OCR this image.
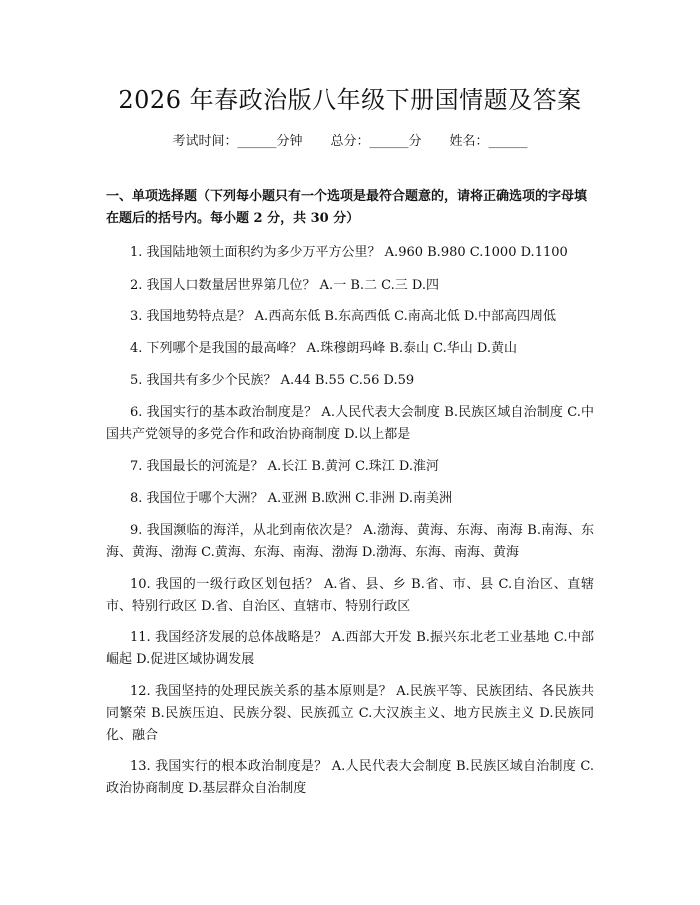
2026 年春政治版八年级下册国情题及答案
考试时间：______分钟 总分：______分 姓名：______
一、单项选择题（下列每小题只有一个选项是最符合题意的，请将正确选项的字母填在题后的括号内。每小题 2 分，共 30 分）
1. 我国陆地领土面积约为多少万平方公里？ A.960 B.980 C.1000 D.1100
2. 我国人口数量居世界第几位？ A.一 B.二 C.三 D.四
3. 我国地势特点是？ A.西高东低 B.东高西低 C.南高北低 D.中部高四周低
4. 下列哪个是我国的最高峰？ A.珠穆朗玛峰 B.泰山 C.华山 D.黄山
5. 我国共有多少个民族？ A.44 B.55 C.56 D.59
6. 我国实行的基本政治制度是？ A.人民代表大会制度 B.民族区域自治制度 C.中国共产党领导的多党合作和政治协商制度 D.以上都是
7. 我国最长的河流是？ A.长江 B.黄河 C.珠江 D.淮河
8. 我国位于哪个大洲？ A.亚洲 B.欧洲 C.非洲 D.南美洲
9. 我国濒临的海洋，从北到南依次是？ A.渤海、黄海、东海、南海 B.南海、东海、黄海、渤海 C.黄海、东海、南海、渤海 D.渤海、东海、南海、黄海
10. 我国的一级行政区划包括？ A.省、县、乡 B.省、市、县 C.自治区、直辖市、特别行政区 D.省、自治区、直辖市、特别行政区
11. 我国经济发展的总体战略是？ A.西部大开发 B.振兴东北老工业基地 C.中部崛起 D.促进区域协调发展
12. 我国坚持的处理民族关系的基本原则是？ A.民族平等、民族团结、各民族共同繁荣 B.民族压迫、民族分裂、民族孤立 C.大汉族主义、地方民族主义 D.民族同化、融合
13. 我国实行的根本政治制度是？ A.人民代表大会制度 B.民族区域自治制度 C.政治协商制度 D.基层群众自治制度
